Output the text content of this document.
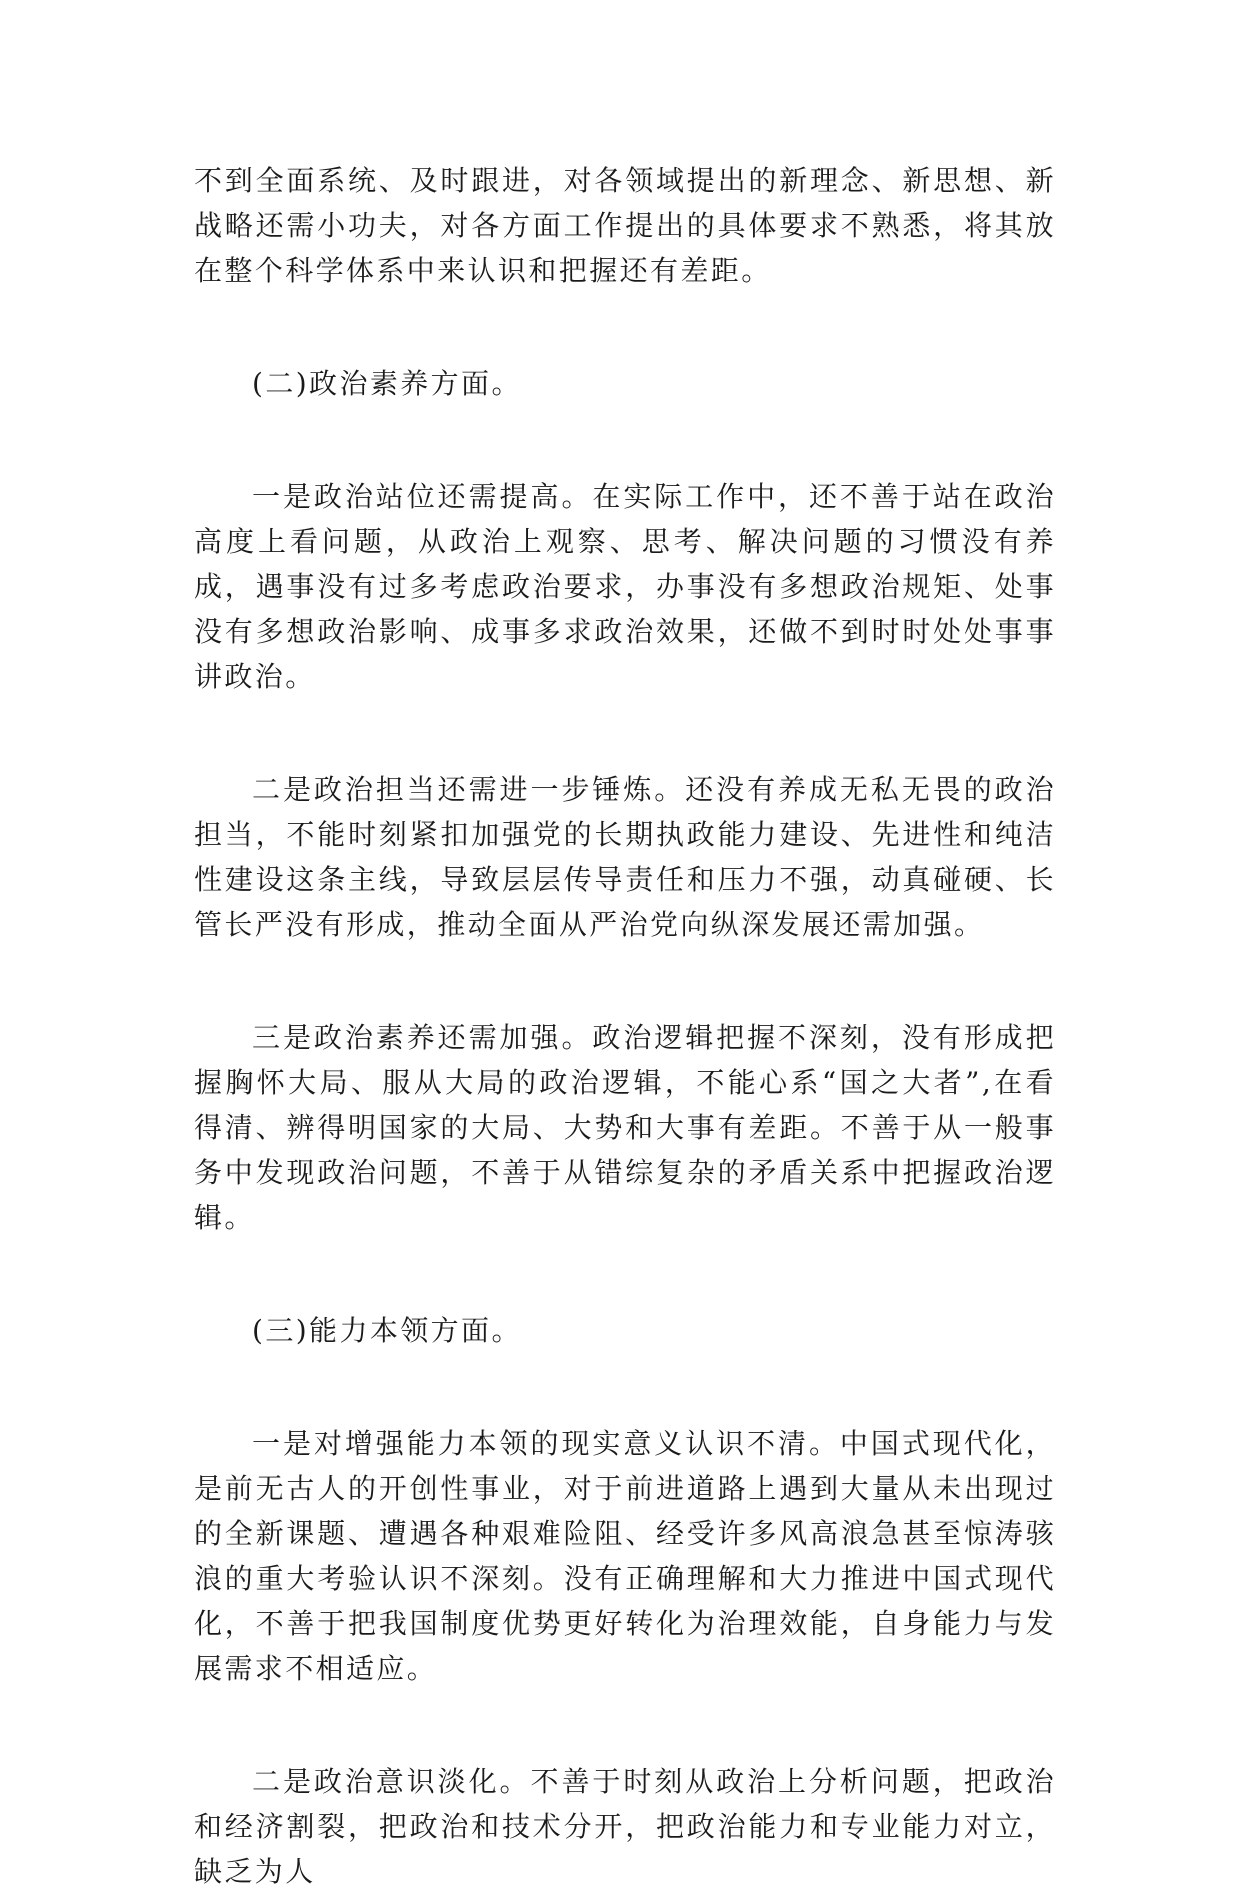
不到全面系统、及时跟进，对各领域提出的新理念、新思想、新战略还需小功夫，对各方面工作提出的具体要求不熟悉，将其放在整个科学体系中来认识和把握还有差距。

(二)政治素养方面。

一是政治站位还需提高。在实际工作中，还不善于站在政治高度上看问题，从政治上观察、思考、解决问题的习惯没有养成，遇事没有过多考虑政治要求，办事没有多想政治规矩、处事没有多想政治影响、成事多求政治效果，还做不到时时处处事事讲政治。

二是政治担当还需进一步锤炼。还没有养成无私无畏的政治担当，不能时刻紧扣加强党的长期执政能力建设、先进性和纯洁性建设这条主线，导致层层传导责任和压力不强，动真碰硬、长管长严没有形成，推动全面从严治党向纵深发展还需加强。

三是政治素养还需加强。政治逻辑把握不深刻，没有形成把握胸怀大局、服从大局的政治逻辑，不能心系“国之大者”,在看得清、辨得明国家的大局、大势和大事有差距。不善于从一般事务中发现政治问题，不善于从错综复杂的矛盾关系中把握政治逻辑。

(三)能力本领方面。

一是对增强能力本领的现实意义认识不清。中国式现代化，是前无古人的开创性事业，对于前进道路上遇到大量从未出现过的全新课题、遭遇各种艰难险阻、经受许多风高浪急甚至惊涛骇浪的重大考验认识不深刻。没有正确理解和大力推进中国式现代化，不善于把我国制度优势更好转化为治理效能，自身能力与发展需求不相适应。

二是政治意识淡化。不善于时刻从政治上分析问题，把政治和经济割裂，把政治和技术分开，把政治能力和专业能力对立，缺乏为人
